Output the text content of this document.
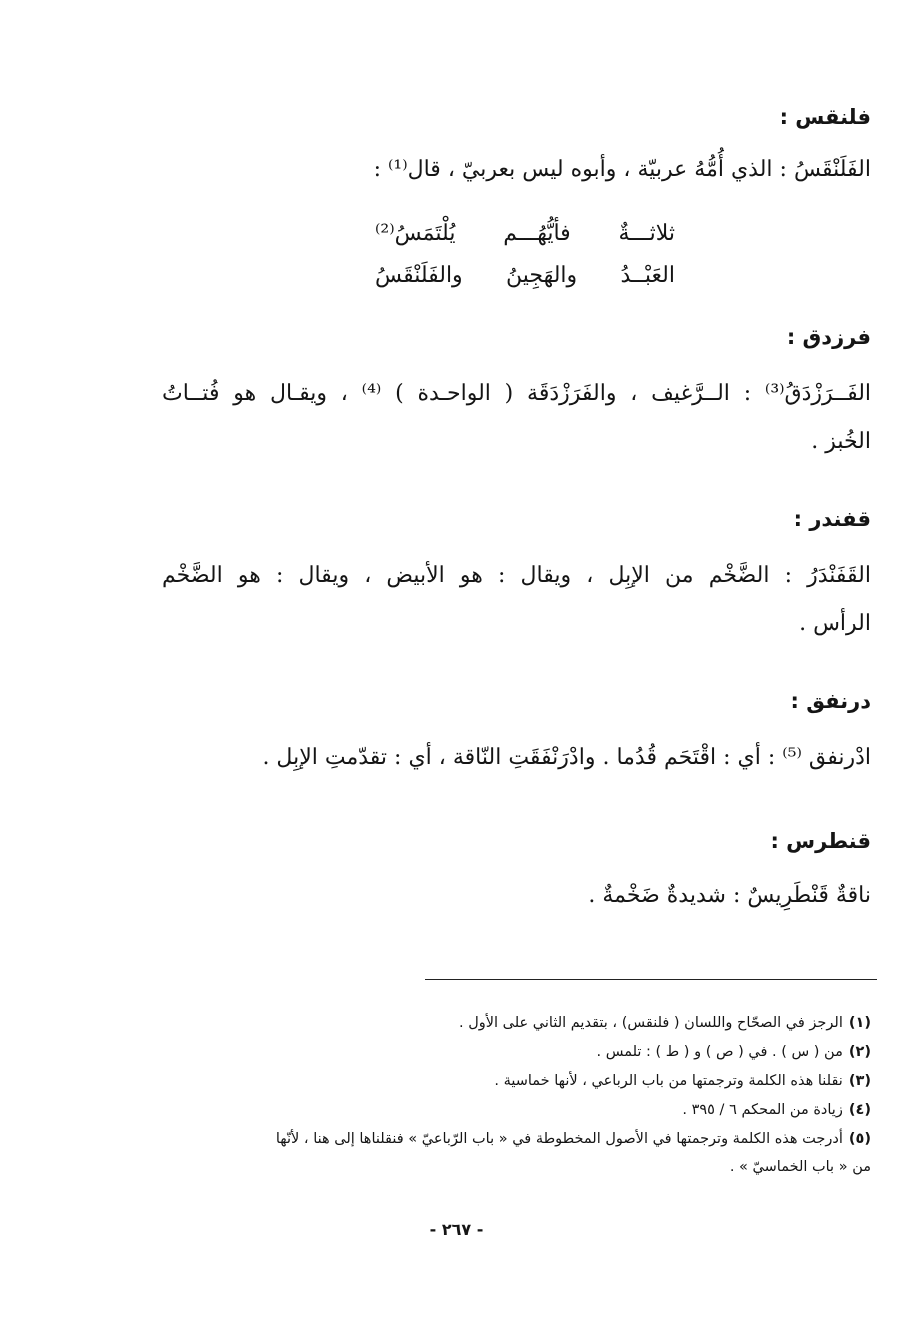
فلنقس :
الفَلَنْقَسُ : الذي أُمُّهُ عربيّة ، وأبوه ليس بعربيّ ، قال⁽¹⁾ :
ثلاثـــةٌ
فأيُّهُـــم
يُلْتَمَسُ⁽²⁾
العَبْــدُ
والهَجِينُ
والفَلَنْقَسُ
فرزدق :
الفَــرَزْدَقُ⁽³⁾ : الــرَّغيف ، والفَرَزْدَقَة ( الواحـدة ) ⁽⁴⁾ ، ويقـال هو فُتــاتُ
الخُبز .
قفندر :
القَفَنْدَرُ : الضَّخْم من الإبِل ، ويقال : هو الأبيض ، ويقال : هو الضَّخْم
الرأس .
درنفق :
ادْرنفق ⁽⁵⁾ : أي : اقْتَحَم قُدُما . وادْرَنْفَقَتِ النّاقة ، أي : تقدّمتِ الإبِل .
قنطرس :
ناقةٌ قَنْطَرِيسٌ : شديدةٌ ضَخْمةٌ .
(١)الرجز في الصحّاح واللسان ( فلنقس) ، بتقديم الثاني على الأول .
(٢)من ( س ) . في ( ص ) و ( ط ) : تلمس .
(٣)نقلنا هذه الكلمة وترجمتها من باب الرباعي ، لأنها خماسية .
(٤)زيادة من المحكم ٦ / ٣٩٥ .
(٥)أدرجت هذه الكلمة وترجمتها في الأصول المخطوطة في « باب الرّباعيّ » فنقلناها إلى هنا ، لأنّها
من « باب الخماسيّ » .
- ٢٦٧ -
